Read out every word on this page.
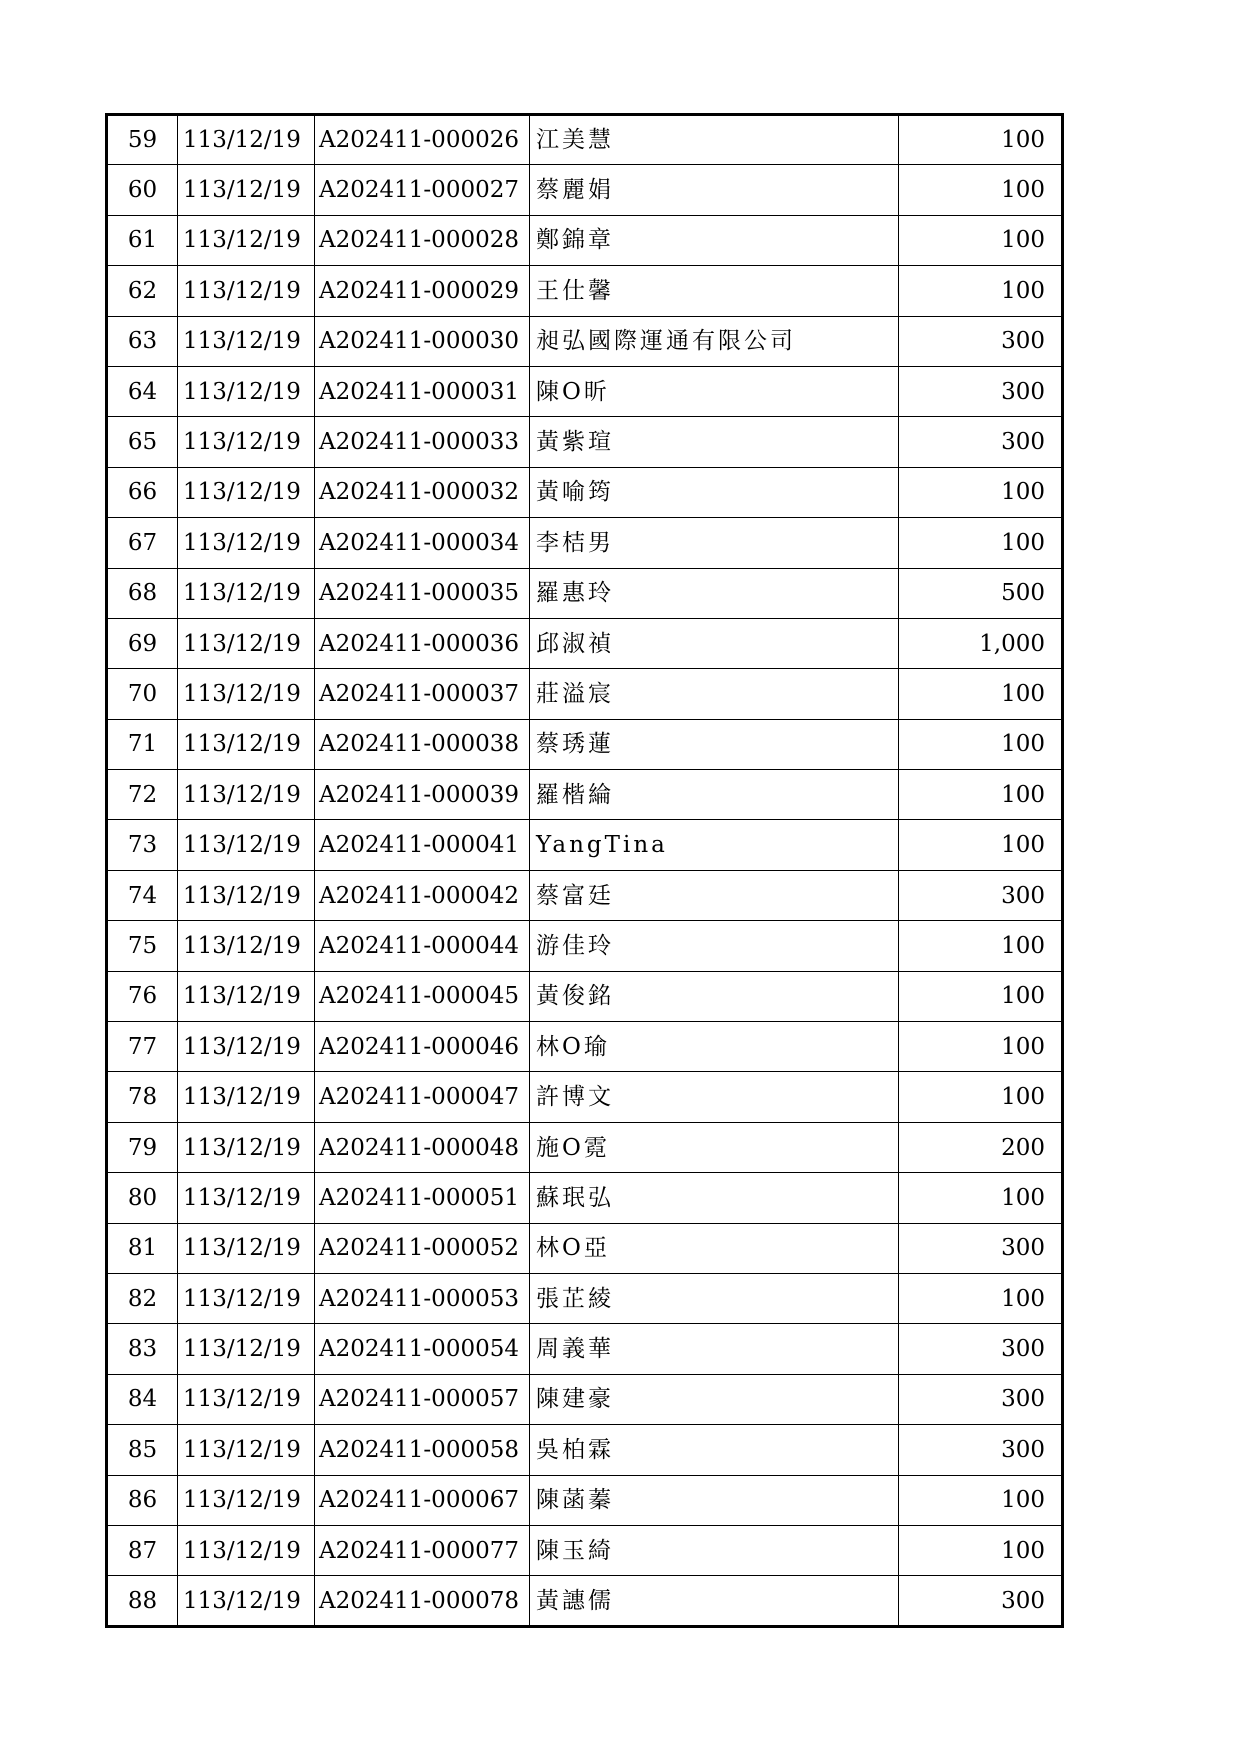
59	113/12/19	A202411-000026	江美慧	100
60	113/12/19	A202411-000027	蔡麗娟	100
61	113/12/19	A202411-000028	鄭錦章	100
62	113/12/19	A202411-000029	王仕馨	100
63	113/12/19	A202411-000030	昶弘國際運通有限公司	300
64	113/12/19	A202411-000031	陳O昕	300
65	113/12/19	A202411-000033	黃紫瑄	300
66	113/12/19	A202411-000032	黃喻筠	100
67	113/12/19	A202411-000034	李桔男	100
68	113/12/19	A202411-000035	羅惠玲	500
69	113/12/19	A202411-000036	邱淑禎	1,000
70	113/12/19	A202411-000037	莊溢宸	100
71	113/12/19	A202411-000038	蔡琇蓮	100
72	113/12/19	A202411-000039	羅楷綸	100
73	113/12/19	A202411-000041	YangTina	100
74	113/12/19	A202411-000042	蔡富廷	300
75	113/12/19	A202411-000044	游佳玲	100
76	113/12/19	A202411-000045	黃俊銘	100
77	113/12/19	A202411-000046	林O瑜	100
78	113/12/19	A202411-000047	許博文	100
79	113/12/19	A202411-000048	施O霓	200
80	113/12/19	A202411-000051	蘇珉弘	100
81	113/12/19	A202411-000052	林O亞	300
82	113/12/19	A202411-000053	張芷綾	100
83	113/12/19	A202411-000054	周義華	300
84	113/12/19	A202411-000057	陳建豪	300
85	113/12/19	A202411-000058	吳柏霖	300
86	113/12/19	A202411-000067	陳菡蓁	100
87	113/12/19	A202411-000077	陳玉綺	100
88	113/12/19	A202411-000078	黃譓儒	300
